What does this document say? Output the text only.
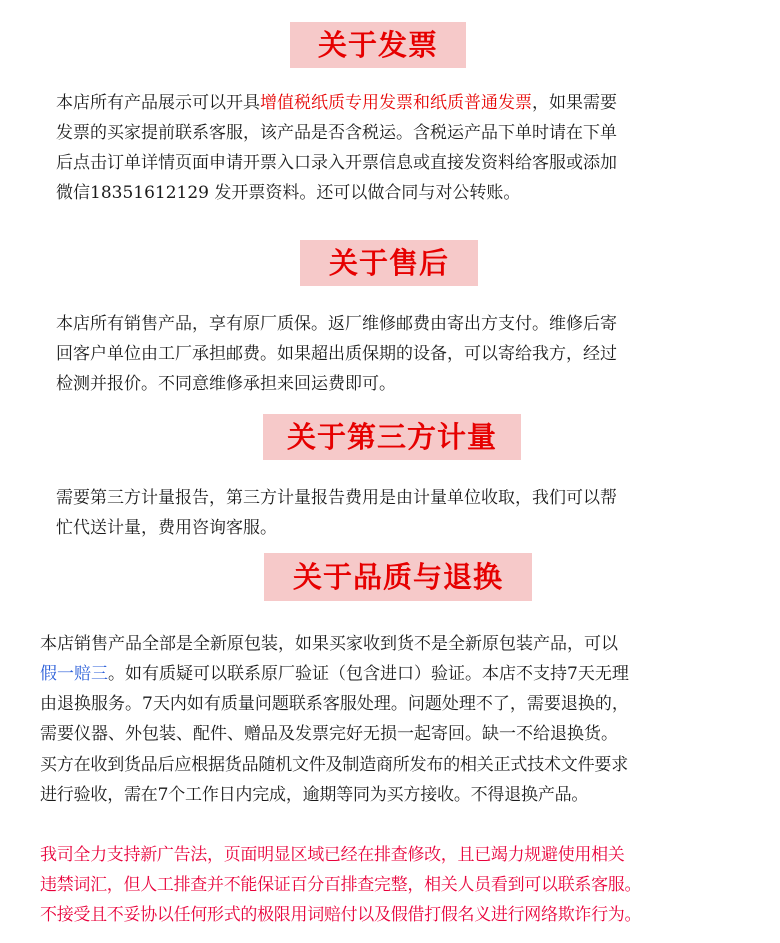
关于发票
本店所有产品展示可以开具增值税纸质专用发票和纸质普通发票，如果需要
发票的买家提前联系客服，该产品是否含税运。含税运产品下单时请在下单
后点击订单详情页面申请开票入口录入开票信息或直接发资料给客服或添加
微信18351612129 发开票资料。还可以做合同与对公转账。
关于售后
本店所有销售产品，享有原厂质保。返厂维修邮费由寄出方支付。维修后寄
回客户单位由工厂承担邮费。如果超出质保期的设备，可以寄给我方，经过
检测并报价。不同意维修承担来回运费即可。
关于第三方计量
需要第三方计量报告，第三方计量报告费用是由计量单位收取，我们可以帮
忙代送计量，费用咨询客服。
关于品质与退换
本店销售产品全部是全新原包装，如果买家收到货不是全新原包装产品，可以
假一赔三。如有质疑可以联系原厂验证（包含进口）验证。本店不支持7天无理
由退换服务。7天内如有质量问题联系客服处理。问题处理不了，需要退换的，
需要仪器、外包装、配件、赠品及发票完好无损一起寄回。缺一不给退换货。
买方在收到货品后应根据货品随机文件及制造商所发布的相关正式技术文件要求
进行验收，需在7个工作日内完成，逾期等同为买方接收。不得退换产品。
我司全力支持新广告法，页面明显区域已经在排查修改，且已竭力规避使用相关
违禁词汇，但人工排查并不能保证百分百排查完整，相关人员看到可以联系客服。
不接受且不妥协以任何形式的极限用词赔付以及假借打假名义进行网络欺诈行为。
